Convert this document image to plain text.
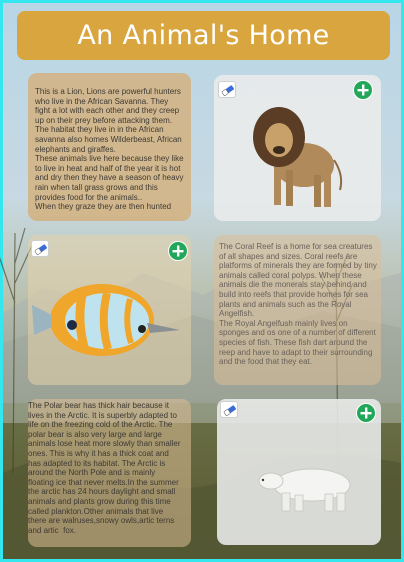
An Animal's Home
This is a Lion, Lions are powerful hunters who live in the African Savanna. They fight a lot with each other and they creep up on their prey before attacking them.
The habitat they live in in the African savanna also homes Wilderbeast, African elephants and giraffes.
These animals live here because they like to live in heat and half of the year it is hot and dry then they have a season of heavy rain when tall grass grows and this provides food for the animals..
When they graze they are then hunted
The Coral Reef is a home for sea creatures of all shapes and sizes. Coral reefs are platforms of minerals they are formed by tiny animals called coral polyps. When these animals die the monerals stay behind and build into reefs that provide homes for sea plants and animals such as the Royal Angelfish.
The Royal Angelfush mainly lives on sponges and os one of a number of different species of fish. These fish dart around the reep and have to adapt to their surrounding and the food that they eat.
The Polar bear has thick hair because it lives in the Arctic. It is superbly adapted to life on the freezing cold of the Arctic. The polar bear is also very large and large animals lose heat more slowly than smaller ones. This is why it has a thick coat and has adapted to its habitat. The Arctic is around the North Pole and is mainly floating ice that never melts.In the summer the arctic has 24 hours daylight and small animals and plants grow during this time called plankton.Other animals that live there are walruses,snowy owls,artic terns and artic  fox.
